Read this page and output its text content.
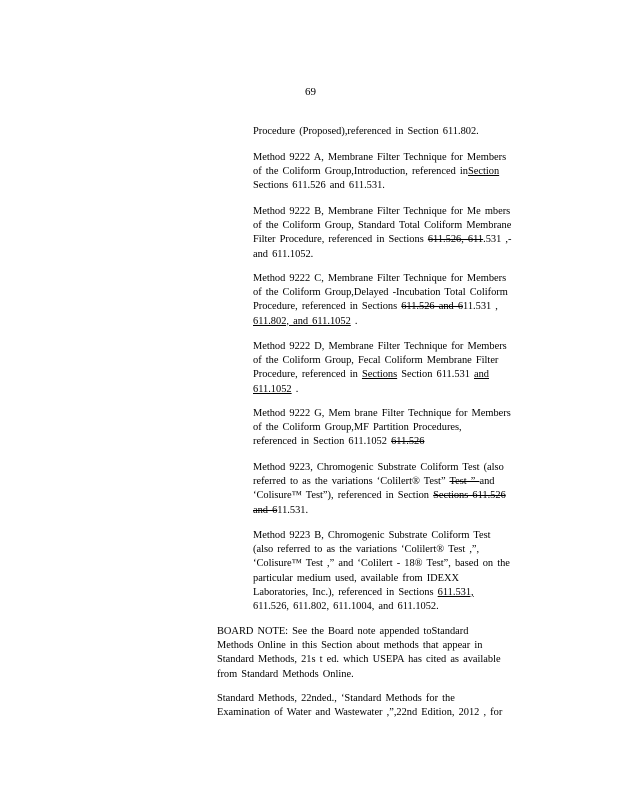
69
Procedure (Proposed),referenced in Section 611.802.
Method 9222 A, Membrane Filter Technique for Members
of the Coliform Group,Introduction, referenced inSection
Sections 611.526 and 611.531.
Method 9222 B, Membrane Filter Technique for Me mbers
of the Coliform Group, Standard Total Coliform Membrane
Filter Procedure, referenced in Sections 611.526, 611.531 ,-
and 611.1052.
Method 9222 C, Membrane Filter Technique for Members
of the Coliform Group,Delayed -Incubation Total Coliform
Procedure, referenced in Sections 611.526 and 611.531 ,
611.802, and 611.1052 .
Method 9222 D, Membrane Filter Technique for Members
of the Coliform Group, Fecal Coliform Membrane Filter
Procedure, referenced in Sections Section 611.531 and
611.1052 .
Method 9222 G, Mem brane Filter Technique for Members
of the Coliform Group,MF Partition Procedures,
referenced in Section 611.1052 611.526
Method 9223, Chromogenic Substrate Coliform Test (also
referred to as the variations ‘Colilert® Test” Test ” and
‘Colisure™ Test”), referenced in Section Sections 611.526
and 611.531.
Method 9223 B, Chromogenic Substrate Coliform Test
(also referred to as the variations ‘Colilert® Test ,”,
‘Colisure™ Test ,” and ‘Colilert - 18® Test”, based on the
particular medium used, available from IDEXX
Laboratories, Inc.), referenced in Sections 611.531,
611.526, 611.802, 611.1004, and 611.1052.
BOARD NOTE: See the Board note appended toStandard
Methods Online in this Section about methods that appear in
Standard Methods, 21s t ed. which USEPA has cited as available
from Standard Methods Online.
Standard Methods, 22nded., ‘Standard Methods for the
Examination of Water and Wastewater ,”,22nd Edition, 2012 , for
